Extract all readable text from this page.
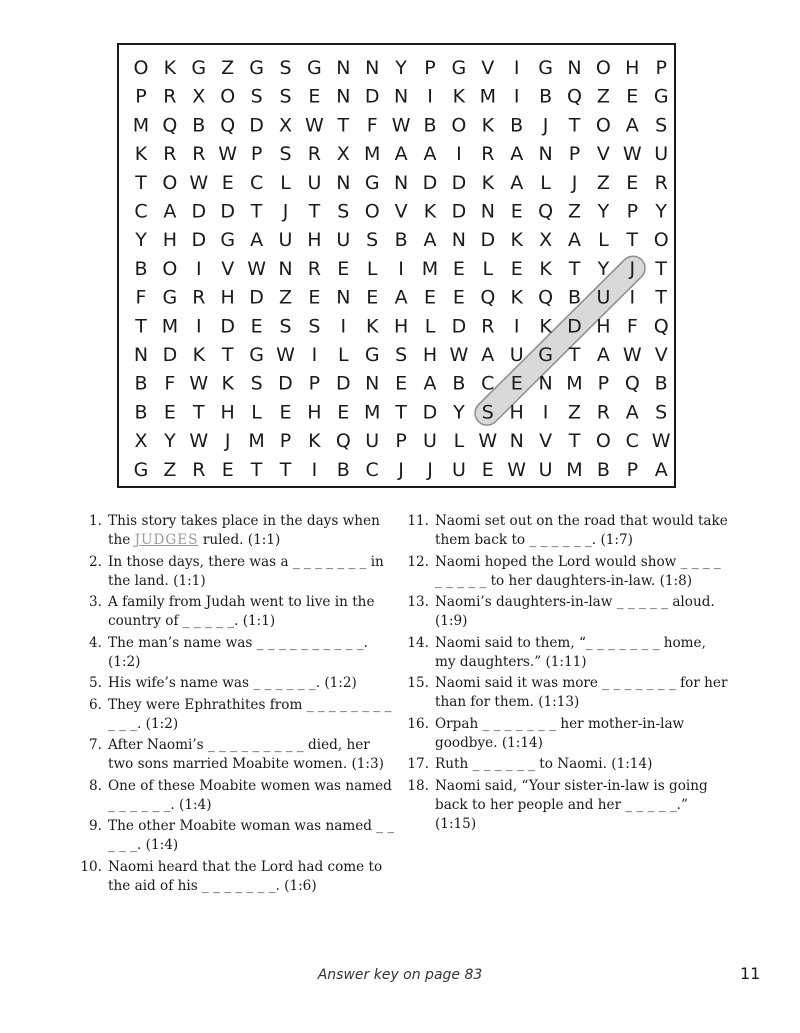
O K G Z G S G N N Y P G V I G N O H P
P R X O S S E N D N I K M I B Q Z E G
M Q B Q D X W T F W B O K B J T O A S
K R R W P S R X M A A I R A N P V W U
T O W E C L U N G N D D K A L J Z E R
C A D D T J T S O V K D N E Q Z Y P Y
Y H D G A U H U S B A N D K X A L T O
B O I V W N R E L I M E L E K T Y J T
F G R H D Z E N E A E E Q K Q B U I T
T M I D E S S I K H L D R I K D H F Q
N D K T G W I L G S H W A U G T A W V
B F W K S D P D N E A B C E N M P Q B
B E T H L E H E M T D Y S H I Z R A S
X Y W J M P K Q U P U L W N V T O C W
G Z R E T T I B C J J U E W U M B P A
1. This story takes place in the days when the JUDGES ruled. (1:1)
2. In those days, there was a _ _ _ _ _ _ _ in the land. (1:1)
3. A family from Judah went to live in the country of _ _ _ _ _. (1:1)
4. The man’s name was _ _ _ _ _ _ _ _ _ _. (1:2)
5. His wife’s name was _ _ _ _ _ _. (1:2)
6. They were Ephrathites from _ _ _ _ _ _ _ _ _ _ _. (1:2)
7. After Naomi’s _ _ _ _ _ _ _ _ _ died, her two sons married Moabite women. (1:3)
8. One of these Moabite women was named _ _ _ _ _ _. (1:4)
9. The other Moabite woman was named _ _ _ _ _. (1:4)
10. Naomi heard that the Lord had come to the aid of his _ _ _ _ _ _ _. (1:6)
11. Naomi set out on the road that would take them back to _ _ _ _ _ _. (1:7)
12. Naomi hoped the Lord would show _ _ _ _ _ _ _ _ _ to her daughters-in-law. (1:8)
13. Naomi’s daughters-in-law _ _ _ _ _ aloud. (1:9)
14. Naomi said to them, “_ _ _ _ _ _ _ home, my daughters.” (1:11)
15. Naomi said it was more _ _ _ _ _ _ _ for her than for them. (1:13)
16. Orpah _ _ _ _ _ _ _ her mother-in-law goodbye. (1:14)
17. Ruth _ _ _ _ _ _ to Naomi. (1:14)
18. Naomi said, “Your sister-in-law is going back to her people and her _ _ _ _ _.” (1:15)
Answer key on page 83	11
